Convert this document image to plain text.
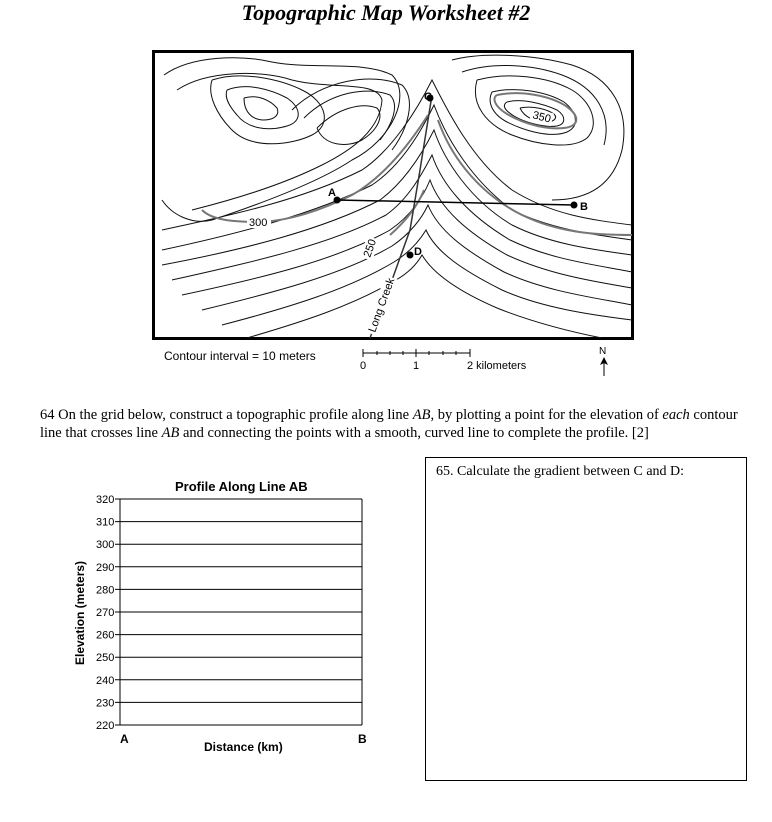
Topographic Map Worksheet #2
300
250
350
A
B
C
D
Long Creek
Contour interval = 10 meters
0	1	2 kilometers
N
64 On the grid below, construct a topographic profile along line AB, by plotting a point for the elevation of each contour line that crosses line AB and connecting the points with a smooth, curved line to complete the profile. [2]
Profile Along Line AB
Elevation (meters)
Distance (km)
A	B
320
310
300
290
280
270
260
250
240
230
220
65. Calculate the gradient between C and D:
